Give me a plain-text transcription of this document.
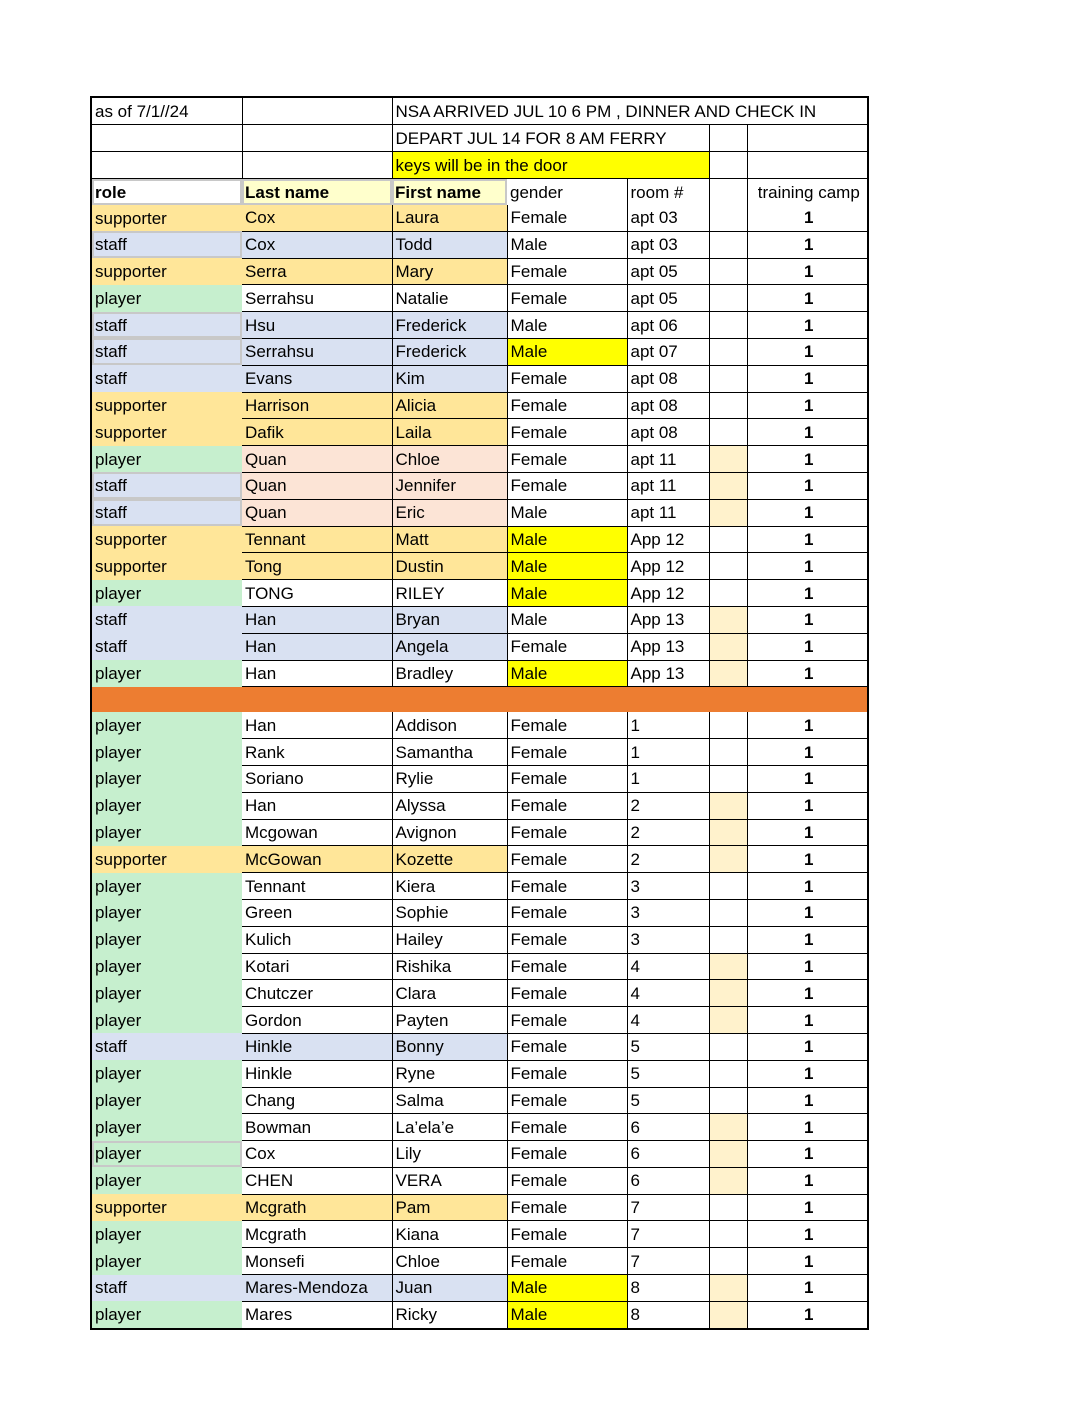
as of 7/1//24		NSA ARRIVED JUL 10 6 PM , DINNER AND CHECK IN				
		DEPART JUL 14 FOR 8 AM FERRY				
		keys will be in the door				
role	Last name	First name	gender	room #		training camp
supporter	Cox	Laura	Female	apt 03		1
staff	Cox	Todd	Male	apt 03		1
supporter	Serra	Mary	Female	apt 05		1
player	Serrahsu	Natalie	Female	apt 05		1
staff	Hsu	Frederick	Male	apt 06		1
staff	Serrahsu	Frederick	Male	apt 07		1
staff	Evans	Kim	Female	apt 08		1
supporter	Harrison	Alicia	Female	apt 08		1
supporter	Dafik	Laila	Female	apt 08		1
player	Quan	Chloe	Female	apt 11		1
staff	Quan	Jennifer	Female	apt 11		1
staff	Quan	Eric	Male	apt 11		1
supporter	Tennant	Matt	Male	App 12		1
supporter	Tong	Dustin	Male	App 12		1
player	TONG	RILEY	Male	App 12		1
staff	Han	Bryan	Male	App 13		1
staff	Han	Angela	Female	App 13		1
player	Han	Bradley	Male	App 13		1

player	Han	Addison	Female	1		1
player	Rank	Samantha	Female	1		1
player	Soriano	Rylie	Female	1		1
player	Han	Alyssa	Female	2		1
player	Mcgowan	Avignon	Female	2		1
supporter	McGowan	Kozette	Female	2		1
player	Tennant	Kiera	Female	3		1
player	Green	Sophie	Female	3		1
player	Kulich	Hailey	Female	3		1
player	Kotari	Rishika	Female	4		1
player	Chutczer	Clara	Female	4		1
player	Gordon	Payten	Female	4		1
staff	Hinkle	Bonny	Female	5		1
player	Hinkle	Ryne	Female	5		1
player	Chang	Salma	Female	5		1
player	Bowman	La’ela’e	Female	6		1
player	Cox	Lily	Female	6		1
player	CHEN	VERA	Female	6		1
supporter	Mcgrath	Pam	Female	7		1
player	Mcgrath	Kiana	Female	7		1
player	Monsefi	Chloe	Female	7		1
staff	Mares-Mendoza	Juan	Male	8		1
player	Mares	Ricky	Male	8		1
